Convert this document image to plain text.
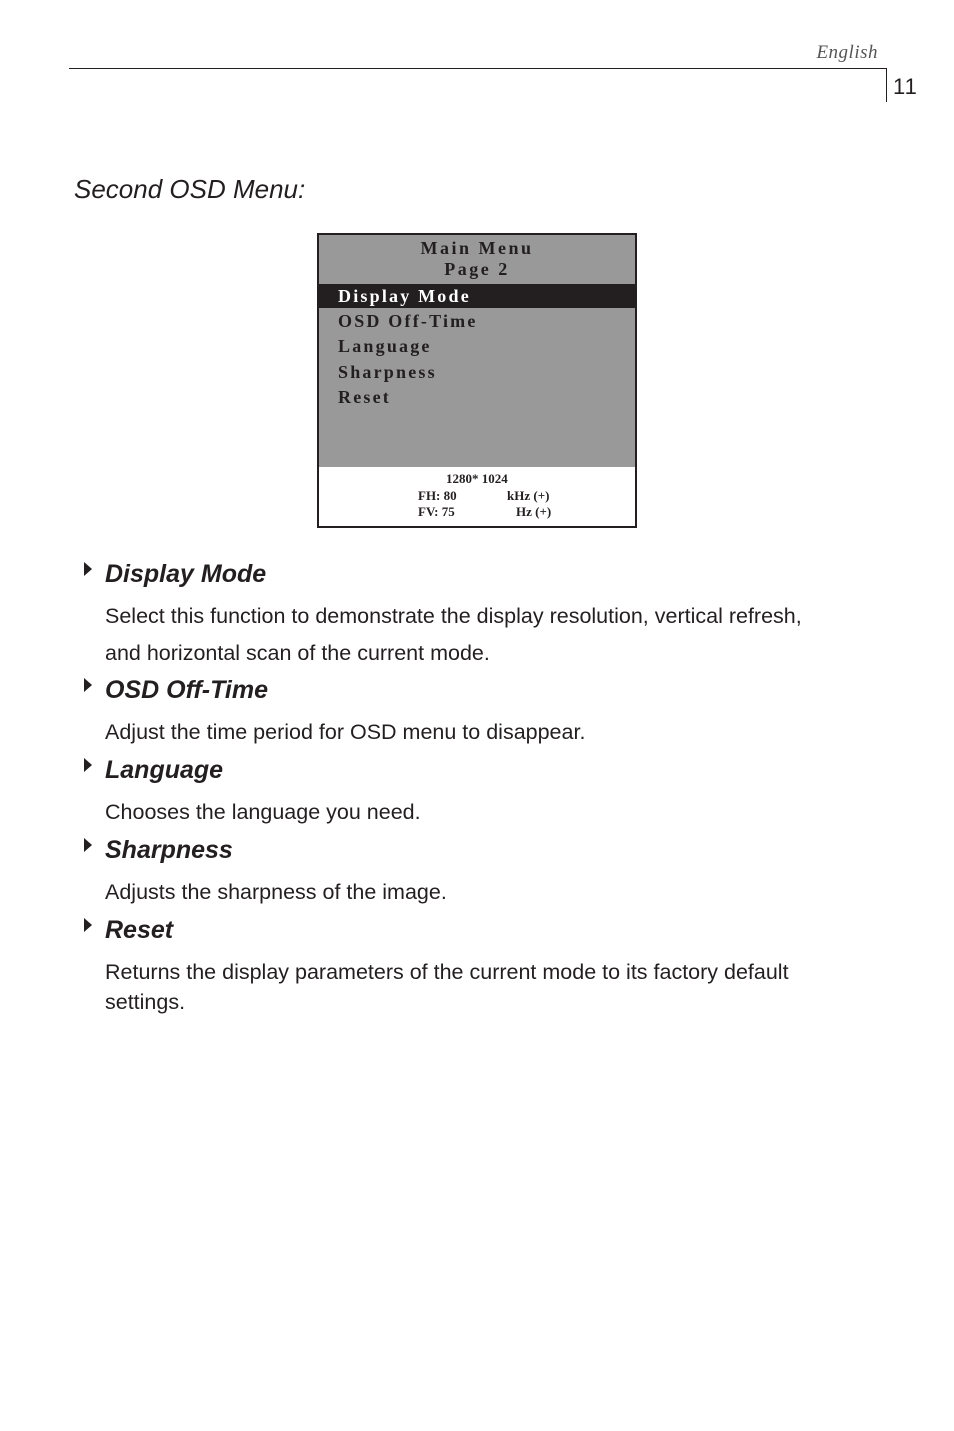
English
11
Second OSD Menu:
Main Menu
Page 2
Display Mode
OSD Off-Time
Language
Sharpness
Reset
1280* 1024
FH: 80	kHz (+)
FV: 75	Hz (+)
Display Mode
Select this function to demonstrate the display resolution, vertical refresh,
and horizontal scan of the current mode.
OSD Off-Time
Adjust the time period for OSD menu to disappear.
Language
Chooses the language you need.
Sharpness
Adjusts the sharpness of the image.
Reset
Returns the display parameters of the current mode to its factory default
settings.
